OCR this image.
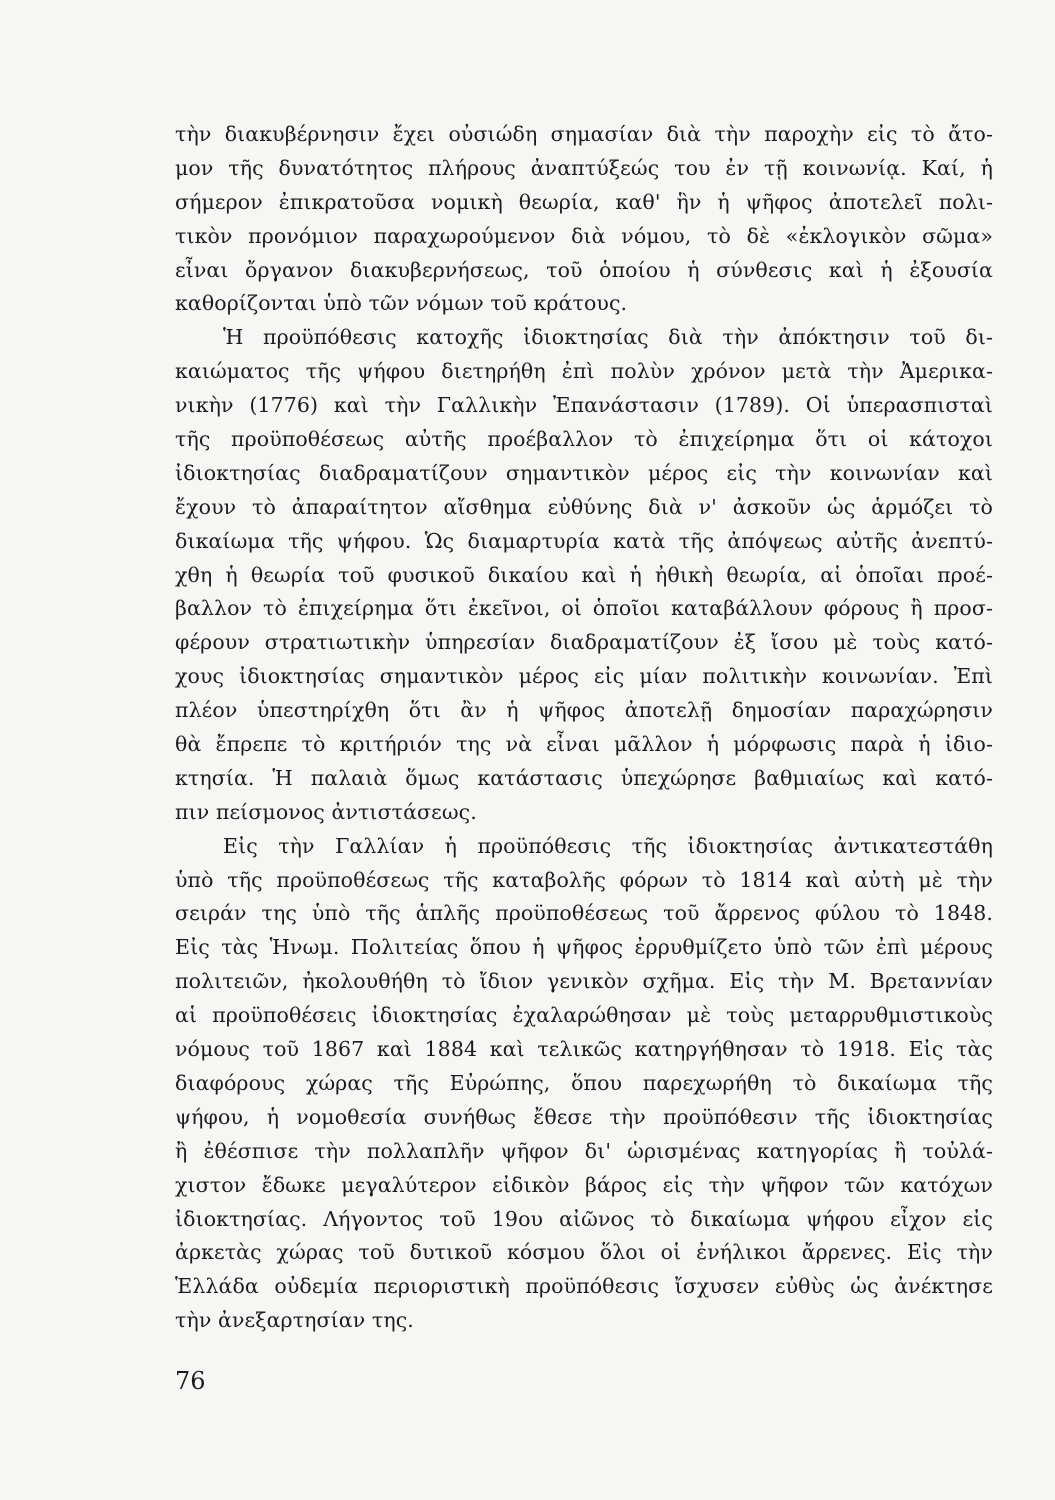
τὴν διακυβέρνησιν ἔχει οὐσιώδη σημασίαν διὰ τὴν παροχὴν εἰς τὸ ἄτο-
μον τῆς δυνατότητος πλήρους ἀναπτύξεώς του ἐν τῇ κοινωνίᾳ. Καί, ἡ
σήμερον ἐπικρατοῦσα νομικὴ θεωρία, καθ' ἣν ἡ ψῆφος ἀποτελεῖ πολι-
τικὸν προνόμιον παραχωρούμενον διὰ νόμου, τὸ δὲ «ἐκλογικὸν σῶμα»
εἶναι ὄργανον διακυβερνήσεως, τοῦ ὁποίου ἡ σύνθεσις καὶ ἡ ἐξουσία
καθορίζονται ὑπὸ τῶν νόμων τοῦ κράτους.
Ἡ προϋπόθεσις κατοχῆς ἰδιοκτησίας διὰ τὴν ἀπόκτησιν τοῦ δι-
καιώματος τῆς ψήφου διετηρήθη ἐπὶ πολὺν χρόνον μετὰ τὴν Ἀμερικα-
νικὴν (1776) καὶ τὴν Γαλλικὴν Ἐπανάστασιν (1789). Οἱ ὑπερασπισταὶ
τῆς προϋποθέσεως αὐτῆς προέβαλλον τὸ ἐπιχείρημα ὅτι οἱ κάτοχοι
ἰδιοκτησίας διαδραματίζουν σημαντικὸν μέρος εἰς τὴν κοινωνίαν καὶ
ἔχουν τὸ ἀπαραίτητον αἴσθημα εὐθύνης διὰ ν' ἀσκοῦν ὡς ἁρμόζει τὸ
δικαίωμα τῆς ψήφου. Ὡς διαμαρτυρία κατὰ τῆς ἀπόψεως αὐτῆς ἀνεπτύ-
χθη ἡ θεωρία τοῦ φυσικοῦ δικαίου καὶ ἡ ἠθικὴ θεωρία, αἱ ὁποῖαι προέ-
βαλλον τὸ ἐπιχείρημα ὅτι ἐκεῖνοι, οἱ ὁποῖοι καταβάλλουν φόρους ἢ προσ-
φέρουν στρατιωτικὴν ὑπηρεσίαν διαδραματίζουν ἐξ ἴσου μὲ τοὺς κατό-
χους ἰδιοκτησίας σημαντικὸν μέρος εἰς μίαν πολιτικὴν κοινωνίαν. Ἐπὶ
πλέον ὑπεστηρίχθη ὅτι ἂν ἡ ψῆφος ἀποτελῇ δημοσίαν παραχώρησιν
θὰ ἔπρεπε τὸ κριτήριόν της νὰ εἶναι μᾶλλον ἡ μόρφωσις παρὰ ἡ ἰδιο-
κτησία. Ἡ παλαιὰ ὅμως κατάστασις ὑπεχώρησε βαθμιαίως καὶ κατό-
πιν πείσμονος ἀντιστάσεως.
Εἰς τὴν Γαλλίαν ἡ προϋπόθεσις τῆς ἰδιοκτησίας ἀντικατεστάθη
ὑπὸ τῆς προϋποθέσεως τῆς καταβολῆς φόρων τὸ 1814 καὶ αὐτὴ μὲ τὴν
σειράν της ὑπὸ τῆς ἁπλῆς προϋποθέσεως τοῦ ἄρρενος φύλου τὸ 1848.
Εἰς τὰς Ἡνωμ. Πολιτείας ὅπου ἡ ψῆφος ἐρρυθμίζετο ὑπὸ τῶν ἐπὶ μέρους
πολιτειῶν, ἠκολουθήθη τὸ ἴδιον γενικὸν σχῆμα. Εἰς τὴν Μ. Βρεταννίαν
αἱ προϋποθέσεις ἰδιοκτησίας ἐχαλαρώθησαν μὲ τοὺς μεταρρυθμιστικοὺς
νόμους τοῦ 1867 καὶ 1884 καὶ τελικῶς κατηργήθησαν τὸ 1918. Εἰς τὰς
διαφόρους χώρας τῆς Εὐρώπης, ὅπου παρεχωρήθη τὸ δικαίωμα τῆς
ψήφου, ἡ νομοθεσία συνήθως ἔθεσε τὴν προϋπόθεσιν τῆς ἰδιοκτησίας
ἢ ἐθέσπισε τὴν πολλαπλῆν ψῆφον δι' ὡρισμένας κατηγορίας ἢ τοὐλά-
χιστον ἔδωκε μεγαλύτερον εἰδικὸν βάρος εἰς τὴν ψῆφον τῶν κατόχων
ἰδιοκτησίας. Λήγοντος τοῦ 19ου αἰῶνος τὸ δικαίωμα ψήφου εἶχον εἰς
ἀρκετὰς χώρας τοῦ δυτικοῦ κόσμου ὅλοι οἱ ἐνήλικοι ἄρρενες. Εἰς τὴν
Ἑλλάδα οὐδεμία περιοριστικὴ προϋπόθεσις ἴσχυσεν εὐθὺς ὡς ἀνέκτησε
τὴν ἀνεξαρτησίαν της.
76
